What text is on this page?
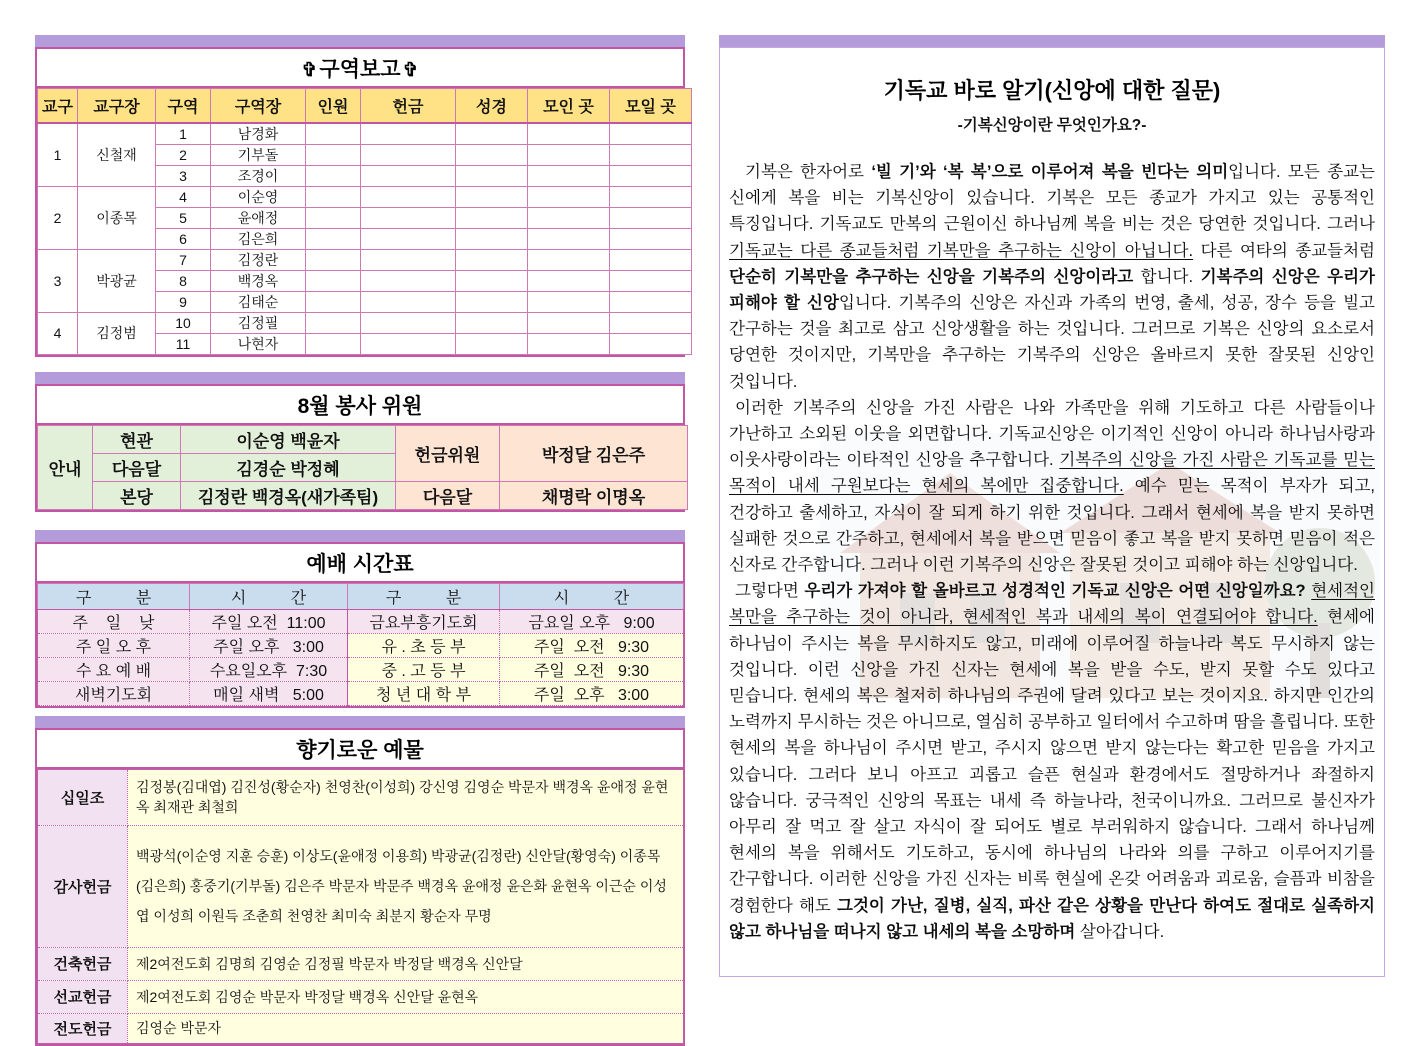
✞구역보고 ✞
교구	교구장	구역	구역장	인원	헌금	성경	모인 곳	모일 곳
1	신철재	1	남경화					
		2	기부돌					
		3	조경이					
2	이종목	4	이순영					
		5	윤애정					
		6	김은희					
3	박광균	7	김정란					
		8	백경옥					
		9	김태순					
4	김정범	10	김정필					
		11	나현자					
8월 봉사 위원
안내	현관	이순영 백윤자	헌금위원	박정달 김은주
	다음달	김경순 박정혜		
	본당	김정란 백경옥(새가족팀)	다음달	채명락 이명옥
예배 시간표
구          분	시          간	구          분	시          간
주    일    낮	주일 오전  11:00	금요부흥기도회	금요일 오후   9:00
주 일 오 후	주일 오후   3:00	유 . 초 등 부	주일  오전   9:30
수 요 예 배	수요일오후  7:30	중 . 고 등 부	주일  오전   9:30
새벽기도회	매일 새벽   5:00	청 년 대 학 부	주일  오후   3:00
향기로운 예물
십일조	김정봉(김대엽) 김진성(황순자) 천영찬(이성희) 강신영 김영순 박문자 백경옥 윤애정 윤현옥 최재관 최철희
감사헌금	백광석(이순영 지훈 승훈) 이상도(윤애정 이용희) 박광균(김정란) 신안달(황영숙) 이종목(김은희) 홍중기(기부돌) 김은주 박문자 박문주 백경옥 윤애정 윤은화 윤현옥 이근순 이성엽 이성희 이원득 조춘희 천영찬 최미숙 최분지 황순자 무명
건축헌금	제2여전도회 김명희 김영순 김정필 박문자 박정달 백경옥 신안달
선교헌금	제2여전도회 김영순 박문자 박정달 백경옥 신안달 윤현옥
전도헌금	김영순 박문자
기독교 바로 알기(신앙에 대한 질문)
-기복신앙이란 무엇인가요?-

기복은 한자어로 ‘빌 기’와 ‘복 복’으로 이루어져 복을 빈다는 의미입니다. 모든 종교는 신에게 복을 비는 기복신앙이 있습니다. 기복은 모든 종교가 가지고 있는 공통적인 특징입니다. 기독교도 만복의 근원이신 하나님께 복을 비는 것은 당연한 것입니다. 그러나 기독교는 다른 종교들처럼 기복만을 추구하는 신앙이 아닙니다. 다른 여타의 종교들처럼 단순히 기복만을 추구하는 신앙을 기복주의 신앙이라고 합니다. 기복주의 신앙은 우리가 피해야 할 신앙입니다. 기복주의 신앙은 자신과 가족의 번영, 출세, 성공, 장수 등을 빌고 간구하는 것을 최고로 삼고 신앙생활을 하는 것입니다. 그러므로 기복은 신앙의 요소로서 당연한 것이지만, 기복만을 추구하는 기복주의 신앙은 올바르지 못한 잘못된 신앙인 것입니다.

이러한 기복주의 신앙을 가진 사람은 나와 가족만을 위해 기도하고 다른 사람들이나 가난하고 소외된 이웃을 외면합니다. 기독교신앙은 이기적인 신앙이 아니라 하나님사랑과 이웃사랑이라는 이타적인 신앙을 추구합니다. 기복주의 신앙을 가진 사람은 기독교를 믿는 목적이 내세 구원보다는 현세의 복에만 집중합니다. 예수 믿는 목적이 부자가 되고, 건강하고 출세하고, 자식이 잘 되게 하기 위한 것입니다. 그래서 현세에 복을 받지 못하면 실패한 것으로 간주하고, 현세에서 복을 받으면 믿음이 좋고 복을 받지 못하면 믿음이 적은 신자로 간주합니다. 그러나 이런 기복주의 신앙은 잘못된 것이고 피해야 하는 신앙입니다.

그렇다면 우리가 가져야 할 올바르고 성경적인 기독교 신앙은 어떤 신앙일까요? 현세적인 복만을 추구하는 것이 아니라, 현세적인 복과 내세의 복이 연결되어야 합니다. 현세에 하나님이 주시는 복을 무시하지도 않고, 미래에 이루어질 하늘나라 복도 무시하지 않는 것입니다. 이런 신앙을 가진 신자는 현세에 복을 받을 수도, 받지 못할 수도 있다고 믿습니다. 현세의 복은 철저히 하나님의 주권에 달려 있다고 보는 것이지요. 하지만 인간의 노력까지 무시하는 것은 아니므로, 열심히 공부하고 일터에서 수고하며 땀을 흘립니다. 또한 현세의 복을 하나님이 주시면 받고, 주시지 않으면 받지 않는다는 확고한 믿음을 가지고 있습니다. 그러다 보니 아프고 괴롭고 슬픈 현실과 환경에서도 절망하거나 좌절하지 않습니다. 궁극적인 신앙의 목표는 내세 즉 하늘나라, 천국이니까요. 그러므로 불신자가 아무리 잘 먹고 잘 살고 자식이 잘 되어도 별로 부러워하지 않습니다. 그래서 하나님께 현세의 복을 위해서도 기도하고, 동시에 하나님의 나라와 의를 구하고 이루어지기를 간구합니다. 이러한 신앙을 가진 신자는 비록 현실에 온갖 어려움과 괴로움, 슬픔과 비참을 경험한다 해도 그것이 가난, 질병, 실직, 파산 같은 상황을 만난다 하여도 절대로 실족하지 않고 하나님을 떠나지 않고 내세의 복을 소망하며 살아갑니다.
